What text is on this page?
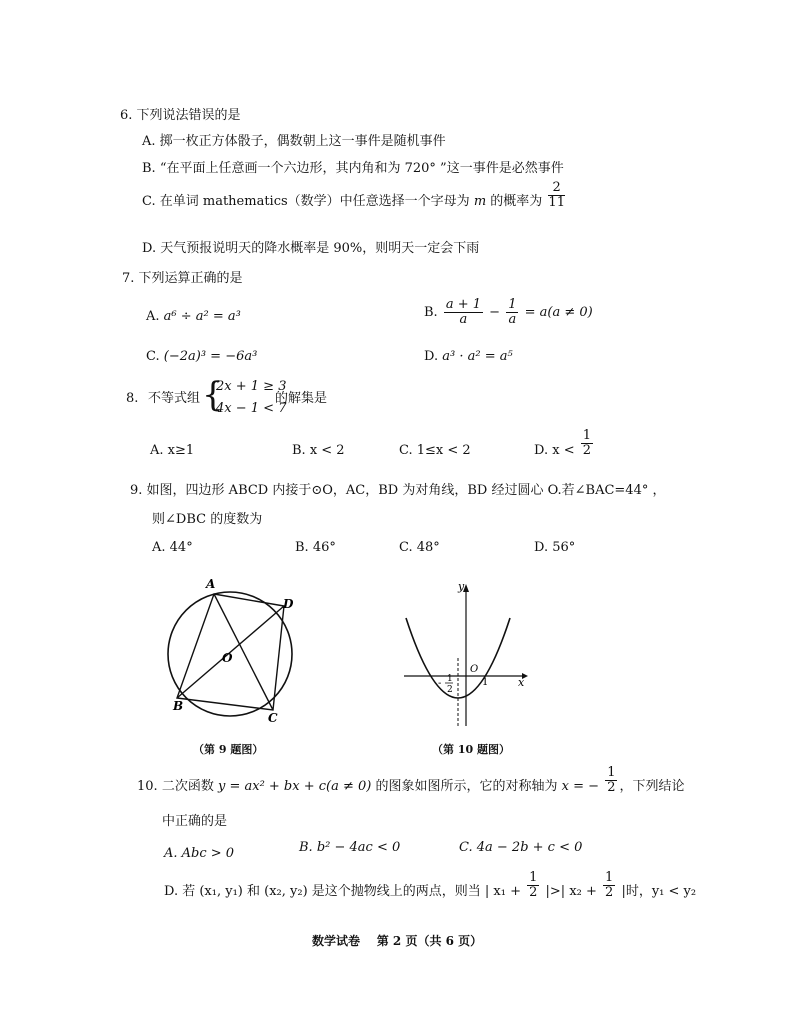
6. 下列说法错误的是
A. 掷一枚正方体骰子，偶数朝上这一事件是随机事件
B. “在平面上任意画一个六边形，其内角和为 720° ”这一事件是必然事件
C. 在单词 mathematics（数学）中任意选择一个字母为 m 的概率为 $\frac{2}{11}$
D. 天气预报说明天的降水概率是 90%，则明天一定会下雨
7. 下列运算正确的是
A. a⁶ ÷ a² = a³	B. $\frac{a + 1}{a} - \frac{1}{a} = a(a \ne 0)$
C. (−2a)³ = −6a³	D. a³ · a² = a⁵
8. 不等式组 {
2x + 1 ≥ 3
4x − 1 < 7
的解集是
A. x≥1	B. x < 2	C. 1≤x < 2	D. $x < \frac{1}{2}$
9. 如图，四边形 ABCD 内接于⊙O，AC，BD 为对角线，BD 经过圆心 O.若∠BAC=44° ，
则∠DBC 的度数为
A. 44°	B. 46°	C. 48°	D. 56°
A
D
O
B
C
（第 9 题图）
y
x
O
1
- 1
2
（第 10 题图）
10. 二次函数 y = ax² + bx + c(a ≠ 0) 的图象如图所示，它的对称轴为 x = − $\frac{1}{2}$ ，下列结论
中正确的是
A. Abc > 0	B. b² − 4ac < 0	C. 4a − 2b + c < 0
D. 若 (x₁, y₁) 和 (x₂, y₂) 是这个抛物线上的两点，则当 | $x_1 + \frac{1}{2}$ |>| $x_2 + \frac{1}{2}$ |时，y₁ < y₂
数学试卷 第 2 页（共 6 页）
